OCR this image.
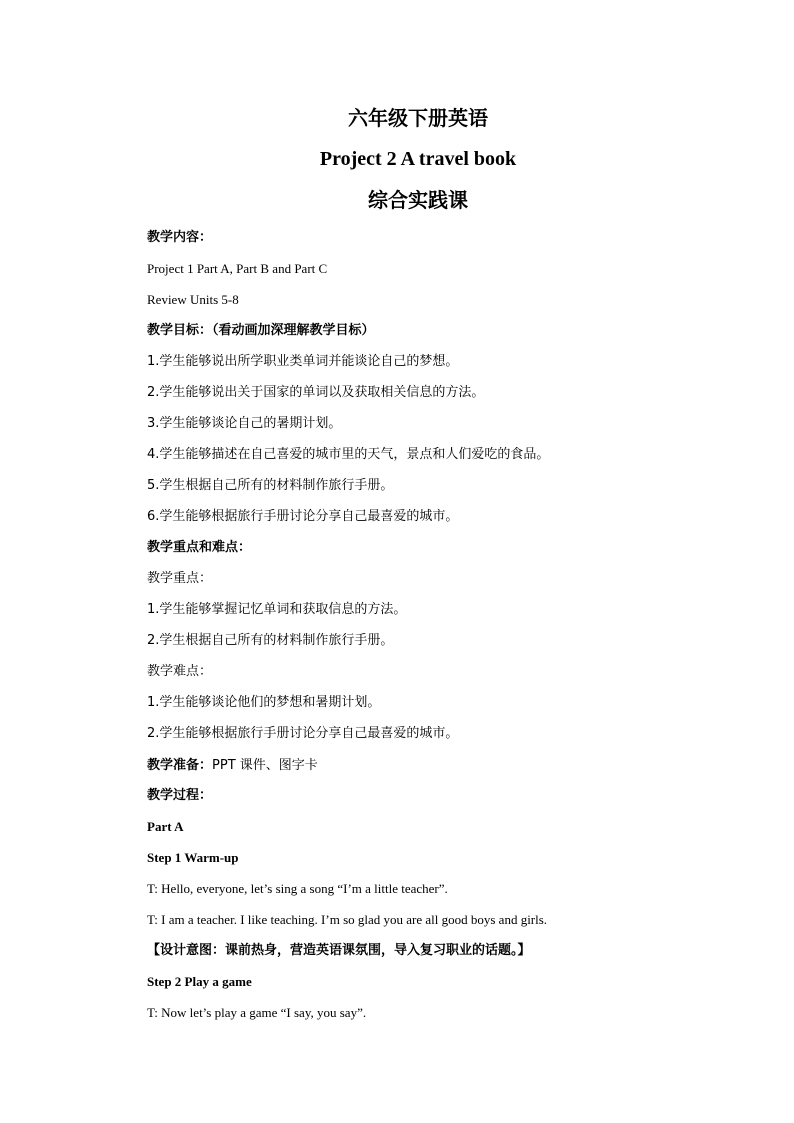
六年级下册英语
Project 2 A travel book
综合实践课
教学内容：
Project 1 Part A, Part B and Part C
Review Units 5-8
教学目标：（看动画加深理解教学目标）
1.学生能够说出所学职业类单词并能谈论自己的梦想。
2.学生能够说出关于国家的单词以及获取相关信息的方法。
3.学生能够谈论自己的暑期计划。
4.学生能够描述在自己喜爱的城市里的天气，景点和人们爱吃的食品。
5.学生根据自己所有的材料制作旅行手册。
6.学生能够根据旅行手册讨论分享自己最喜爱的城市。
教学重点和难点：
教学重点：
1.学生能够掌握记忆单词和获取信息的方法。
2.学生根据自己所有的材料制作旅行手册。
教学难点：
1.学生能够谈论他们的梦想和暑期计划。
2.学生能够根据旅行手册讨论分享自己最喜爱的城市。
教学准备：PPT 课件、图字卡
教学过程：
Part A
Step 1 Warm-up
T: Hello, everyone, let’s sing a song “I’m a little teacher”.
T: I am a teacher. I like teaching. I’m so glad you are all good boys and girls.
【设计意图：课前热身，营造英语课氛围，导入复习职业的话题。】
Step 2 Play a game
T: Now let’s play a game “I say, you say”.
